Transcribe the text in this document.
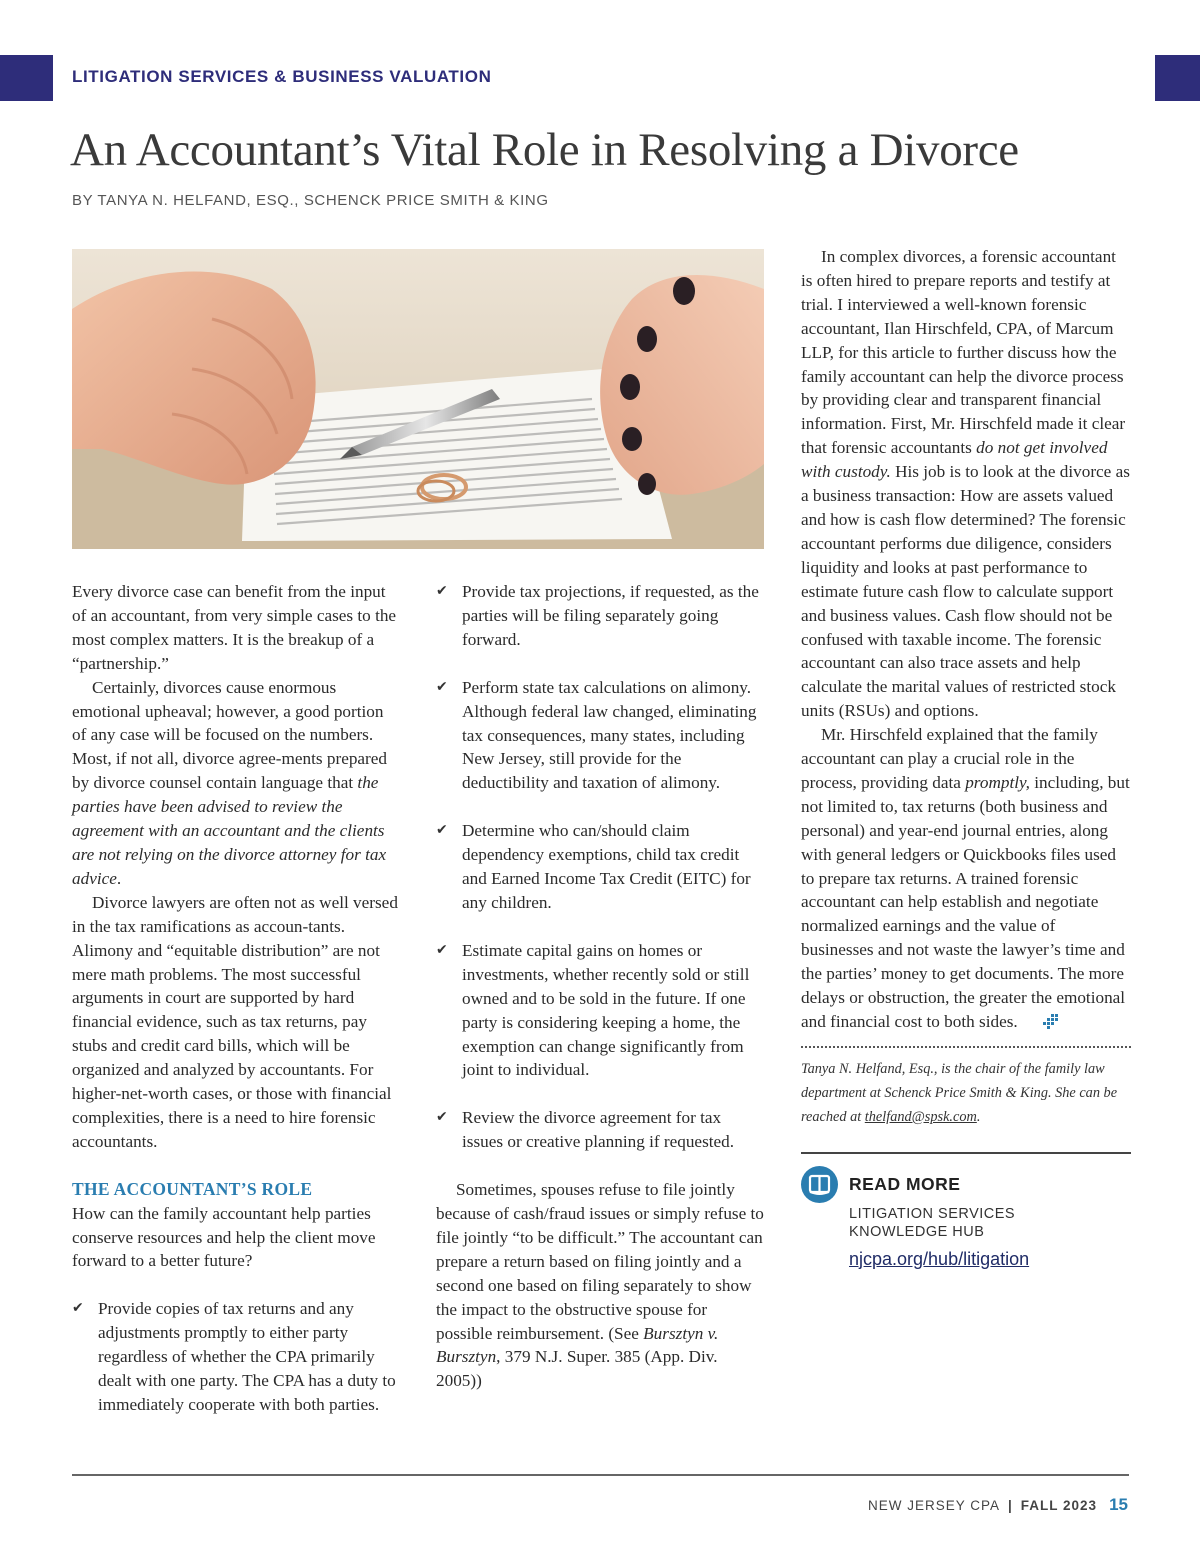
LITIGATION SERVICES & BUSINESS VALUATION
An Accountant’s Vital Role in Resolving a Divorce
BY TANYA N. HELFAND, ESQ., SCHENCK PRICE SMITH & KING

Every divorce case can benefit from the input of an accountant, from very simple cases to the most complex matters. It is the breakup of a “partnership.”

Certainly, divorces cause enormous emotional upheaval; however, a good portion of any case will be focused on the numbers. Most, if not all, divorce agree-ments prepared by divorce counsel contain language that the parties have been advised to review the agreement with an accountant and the clients are not relying on the divorce attorney for tax advice.

Divorce lawyers are often not as well versed in the tax ramifications as accoun-tants. Alimony and “equitable distribution” are not mere math problems. The most successful arguments in court are supported by hard financial evidence, such as tax returns, pay stubs and credit card bills, which will be organized and analyzed by accountants. For higher-net-worth cases, or those with financial complexities, there is a need to hire forensic accountants.

THE ACCOUNTANT’S ROLE

How can the family accountant help parties conserve resources and help the client move forward to a better future?

✔ Provide copies of tax returns and any adjustments promptly to either party regardless of whether the CPA primarily dealt with one party. The CPA has a duty to immediately cooperate with both parties.
✔ Provide tax projections, if requested, as the parties will be filing separately going forward.
✔ Perform state tax calculations on alimony. Although federal law changed, eliminating tax consequences, many states, including New Jersey, still provide for the deductibility and taxation of alimony.
✔ Determine who can/should claim dependency exemptions, child tax credit and Earned Income Tax Credit (EITC) for any children.
✔ Estimate capital gains on homes or investments, whether recently sold or still owned and to be sold in the future. If one party is considering keeping a home, the exemption can change significantly from joint to individual.
✔ Review the divorce agreement for tax issues or creative planning if requested.

Sometimes, spouses refuse to file jointly because of cash/fraud issues or simply refuse to file jointly “to be difficult.” The accountant can prepare a return based on filing jointly and a second one based on filing separately to show the impact to the obstructive spouse for possible reimbursement. (See Bursztyn v. Bursztyn, 379 N.J. Super. 385 (App. Div. 2005))

In complex divorces, a forensic accountant is often hired to prepare reports and testify at trial. I interviewed a well-known forensic accountant, Ilan Hirschfeld, CPA, of Marcum LLP, for this article to further discuss how the family accountant can help the divorce process by providing clear and transparent financial information. First, Mr. Hirschfeld made it clear that forensic accountants do not get involved with custody. His job is to look at the divorce as a business transaction: How are assets valued and how is cash flow determined? The forensic accountant performs due diligence, considers liquidity and looks at past performance to estimate future cash flow to calculate support and business values. Cash flow should not be confused with taxable income. The forensic accountant can also trace assets and help calculate the marital values of restricted stock units (RSUs) and options.

Mr. Hirschfeld explained that the family accountant can play a crucial role in the process, providing data promptly, including, but not limited to, tax returns (both business and personal) and year-end journal entries, along with general ledgers or Quickbooks files used to prepare tax returns. A trained forensic accountant can help establish and negotiate normalized earnings and the value of businesses and not waste the lawyer’s time and the parties’ money to get documents. The more delays or obstruction, the greater the emotional and financial cost to both sides.

Tanya N. Helfand, Esq., is the chair of the family law department at Schenck Price Smith & King. She can be reached at thelfand@spsk.com.

READ MORE
LITIGATION SERVICES
KNOWLEDGE HUB
njcpa.org/hub/litigation
NEW JERSEY CPA | FALL 2023 15
